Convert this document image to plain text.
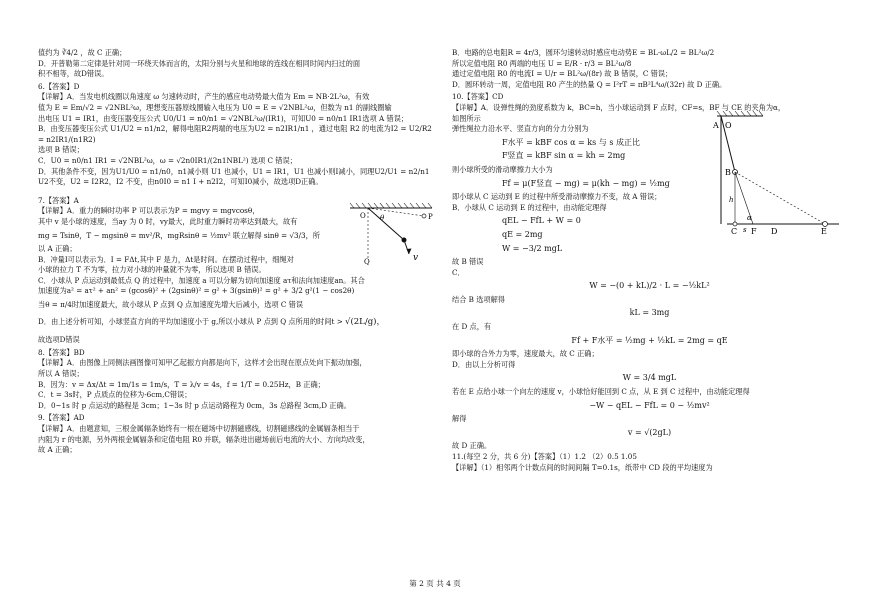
值约为 ∛4/2 ，故 C 正确；

D．开普勒第二定律是针对同一环绕天体而言的，太阳分别与火星和地球的连线在相同时间内扫过的面

积不相等，故D错误。

6.【答案】D

【详解】A．当发电机线圈以角速度 ω 匀速转动时，产生的感应电动势最大值为 Em = NB·2L²ω，有效

值为 E = Em/√2 = √2NBL²ω，理想变压器原线圈输入电压为 U0 = E = √2NBL²ω，但数为 n1 的副线圈输

出电压 U1 = IR1，由变压器变压公式 U0/U1 = n0/n1 = √2NBL²ω/(IR1)，可知U0 = n0/n1 IR1选项 A 错误；

B．由变压器变压公式 U1/U2 = n1/n2，解得电阻R2两端的电压为U2 = n2IR1/n1 ，通过电阻 R2 的电流为I2 = U2/R2 = n2IR1/(n1R2)

选项 B 错误；

C．U0 = n0/n1 IR1 = √2NBL²ω，ω = √2n0IR1/(2n1NBL²) 选项 C 错误；

D．其他条件不变，因为U1/U0 = n1/n0，n1减小则 U1 也减小，U1 = IR1，U1 也减小则I减小，同理U2/U1 = n2/n1

U2不变，U2 = I2R2，I2 不变，由n0I0 = n1 I + n2I2，可知I0减小，故选项D正确。

7.【答案】A

【详解】A．重力的瞬时功率 P 可以表示为P = mgvy = mgvcosθ，

其中 v 是小球的速度，当ay 为 0 时，vy最大，此时重力瞬时功率达到最大，故有

mg = Tsinθ，T − mgsinθ = mv²/R，mgRsinθ = ½mv² 联立解得 sinθ = √3/3，所

以 A 正确；

B．冲量I可以表示为．I = FΔt,其中 F 是力，Δt是时间。在摆动过程中，细绳对

小球的拉力 T 不为零，拉力对小球的冲量就不为零，所以选项 B 错误。

O θ	P
Q	v

C．小球从 P 点运动到最低点 Q 的过程中，加速度 a 可以分解为切向加速度 aτ和法向加速度an。其合

加速度为a² = aτ² + an² = (gcosθ)² + (2gsinθ)² = g² + 3(gsinθ)² = g² + 3/2 g²(1 − cos2θ)

当θ = π/4时加速度最大，故小球从 P 点到 Q 点加速度先增大后减小，选项 C 错误

D．由上述分析可知，小球竖直方向的平均加速度小于 g,所以小球从 P 点到 Q 点所用的时间t > √(2L/g)，

故选项D错误

8.【答案】BD

【详解】A．由图像上同侧法画图像可知甲乙起振方向都是向下，这样才会出现在原点处向下振动加强，

所以 A 错误；

B．因为：v = Δx/Δt = 1m/1s = 1m/s，T = λ/v = 4s，f = 1/T = 0.25Hz，B 正确；

C．t = 3s时，P 点质点的位移为-6cm,C错误；

D．0~1s 时 p 点运动的路程是 3cm；1~3s 时 p 点运动路程为 0cm，3s 总路程 3cm,D 正确。

9.【答案】AD

【详解】A．由题意知，三根金属辐条始终有一根在磁场中切割磁感线，切割磁感线的金属辐条相当于

内阻为 r 的电源，另外两根金属辐条和定值电阻 R0 并联，辐条进出磁场前后电流的大小、方向均改变，

故 A 正确；

B．电路的总电阻R = 4r/3，圆环匀速转动时感应电动势E = BL·ωL/2 = BL²ω/2

所以定值电阻 R0 两端的电压 U = E/R · r/3 = BL²ω/8

通过定值电阻 R0 的电流I = U/r = BL²ω/(8r) 故 B 错误，C 错误；

D．圆环转动一周，定值电阻 R0 产生的热量 Q = I²rT = πB²L⁴ω/(32r) 故 D 正确。

10.【答案】CD

【详解】A．设弹性绳的劲度系数为 k，BC=h，当小球运动到 F 点时，CF=s，BF 与 CE 的夹角为α，

如图所示

弹性绳拉力沿水平、竖直方向的分力分别为

F水平 = kBF cos α = ks 与 s 成正比

F竖直 = kBF sin α = kh = 2mg

则小球所受的滑动摩擦力大小为

Ff = μ(F竖直 − mg) = μ(kh − mg) = ½mg

即小球从 C 运动到 E 的过程中所受滑动摩擦力不变，故 A 错误；

B．小球从 C 运动到 E 的过程中，由动能定理得

qEL − FfL + W = 0

qE = 2mg

W = −3/2 mgL

A O
B
h
α
C s F D	E

故 B 错误

C．

W = −(0 + kL)/2 · L = −½kL²

结合 B 选项解得

kL = 3mg

在 D 点，有

Ff + F水平 = ½mg + ½kL = 2mg = qE

即小球的合外力为零，速度最大，故 C 正确；

D．由以上分析可得

W = 3/4 mgL

若在 E 点给小球一个向左的速度 v，小球恰好能回到 C 点，从 E 到 C 过程中，由动能定理得

−W − qEL − FfL = 0 − ½mv²

解得

v = √(2gL)

故 D 正确。

11.(每空 2 分，共 6 分)【答案】（1）1.2 （2）0.5 1.05

【详解】（1）相邻两个计数点间的时间间隔 T=0.1s，纸带中 CD 段的平均速度为

第 2 页 共 4 页
